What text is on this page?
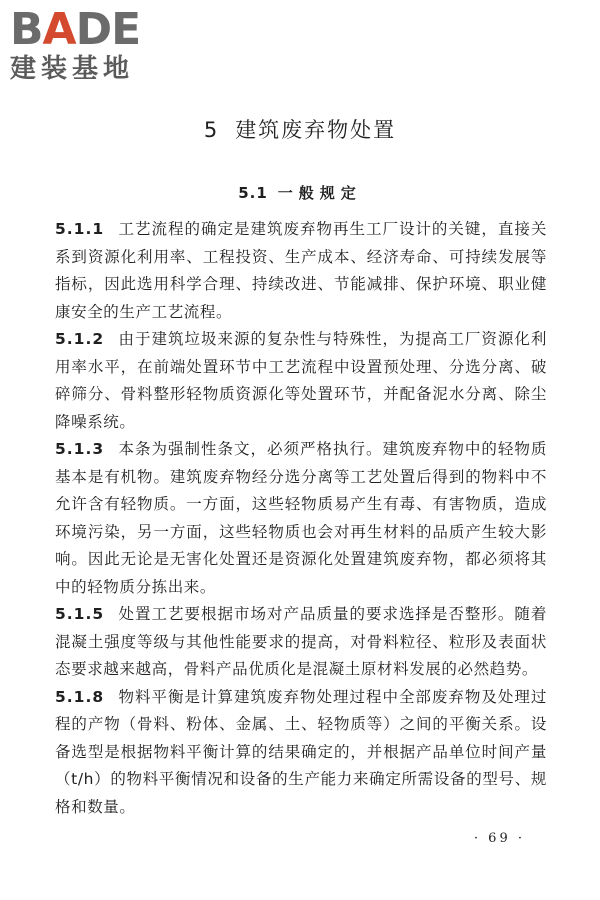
B A DE
建装基地
5 建筑废弃物处置
5.1 一般规定

5.1.1 工艺流程的确定是建筑废弃物再生工厂设计的关键，直接关系到资源化利用率、工程投资、生产成本、经济寿命、可持续发展等指标，因此选用科学合理、持续改进、节能减排、保护环境、职业健康安全的生产工艺流程。

5.1.2 由于建筑垃圾来源的复杂性与特殊性，为提高工厂资源化利用率水平，在前端处置环节中工艺流程中设置预处理、分选分离、破碎筛分、骨料整形轻物质资源化等处置环节，并配备泥水分离、除尘降噪系统。

5.1.3 本条为强制性条文，必须严格执行。建筑废弃物中的轻物质基本是有机物。建筑废弃物经分选分离等工艺处置后得到的物料中不允许含有轻物质。一方面，这些轻物质易产生有毒、有害物质，造成环境污染，另一方面，这些轻物质也会对再生材料的品质产生较大影响。因此无论是无害化处置还是资源化处置建筑废弃物，都必须将其中的轻物质分拣出来。

5.1.5 处置工艺要根据市场对产品质量的要求选择是否整形。随着混凝土强度等级与其他性能要求的提高，对骨料粒径、粒形及表面状态要求越来越高，骨料产品优质化是混凝土原材料发展的必然趋势。

5.1.8 物料平衡是计算建筑废弃物处理过程中全部废弃物及处理过程的产物（骨料、粉体、金属、土、轻物质等）之间的平衡关系。设备选型是根据物料平衡计算的结果确定的，并根据产品单位时间产量（t/h）的物料平衡情况和设备的生产能力来确定所需设备的型号、规格和数量。

· 69 ·
